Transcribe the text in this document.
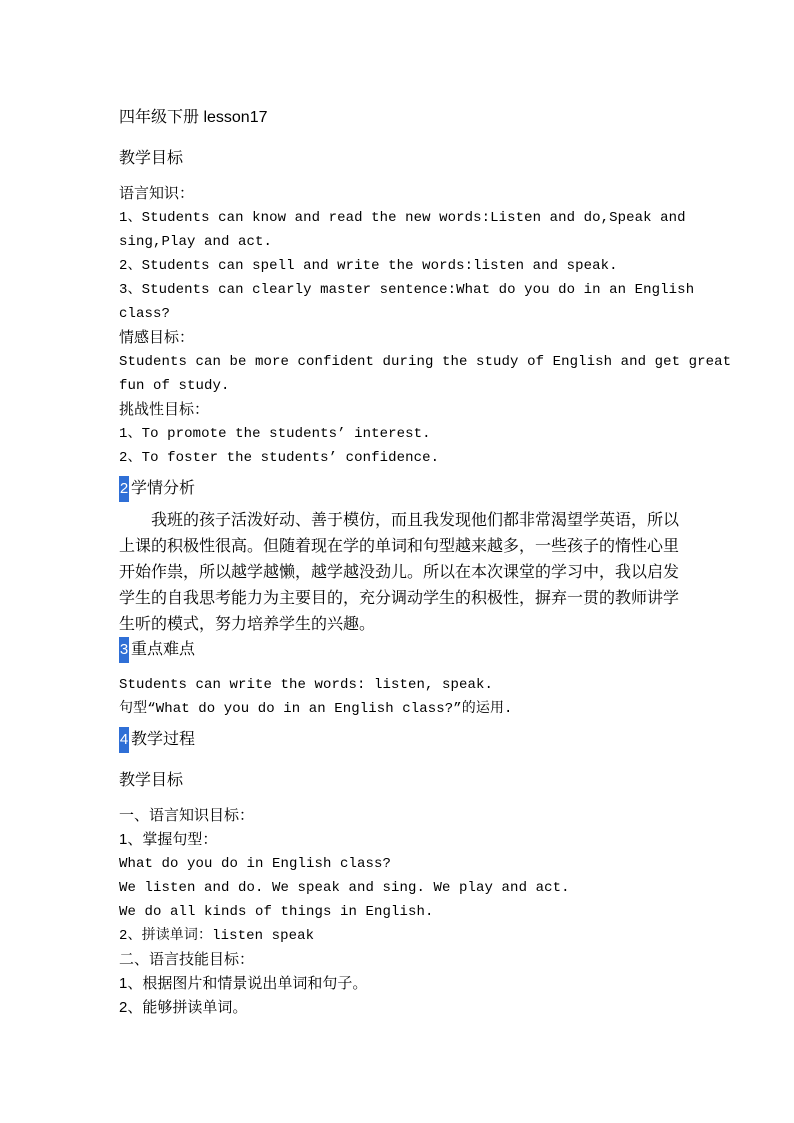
四年级下册 lesson17
教学目标
语言知识：
1、Students can know and read the new words:Listen and do,Speak and
sing,Play and act.
2、Students can spell and write the words:listen and speak.
3、Students can clearly master sentence:What do you do in an English
class?
情感目标：
Students can be more confident during the study of English and get great
fun of study.
挑战性目标：
1、To promote the students’ interest.
2、To foster the students’ confidence.
2 学情分析

我班的孩子活泼好动、善于模仿，而且我发现他们都非常渴望学英语，所以上课的积极性很高。但随着现在学的单词和句型越来越多，一些孩子的惰性心里开始作祟，所以越学越懒，越学越没劲儿。所以在本次课堂的学习中，我以启发学生的自我思考能力为主要目的，充分调动学生的积极性，摒弃一贯的教师讲学生听的模式，努力培养学生的兴趣。

3 重点难点
Students can write the words: listen, speak.
句型“What do you do in an English class?”的运用.
4 教学过程
教学目标
一、语言知识目标：
1、掌握句型：
What do you do in English class?
We listen and do. We speak and sing. We play and act.
We do all kinds of things in English.
2、拼读单词：listen speak
二、语言技能目标：
1、根据图片和情景说出单词和句子。
2、能够拼读单词。
